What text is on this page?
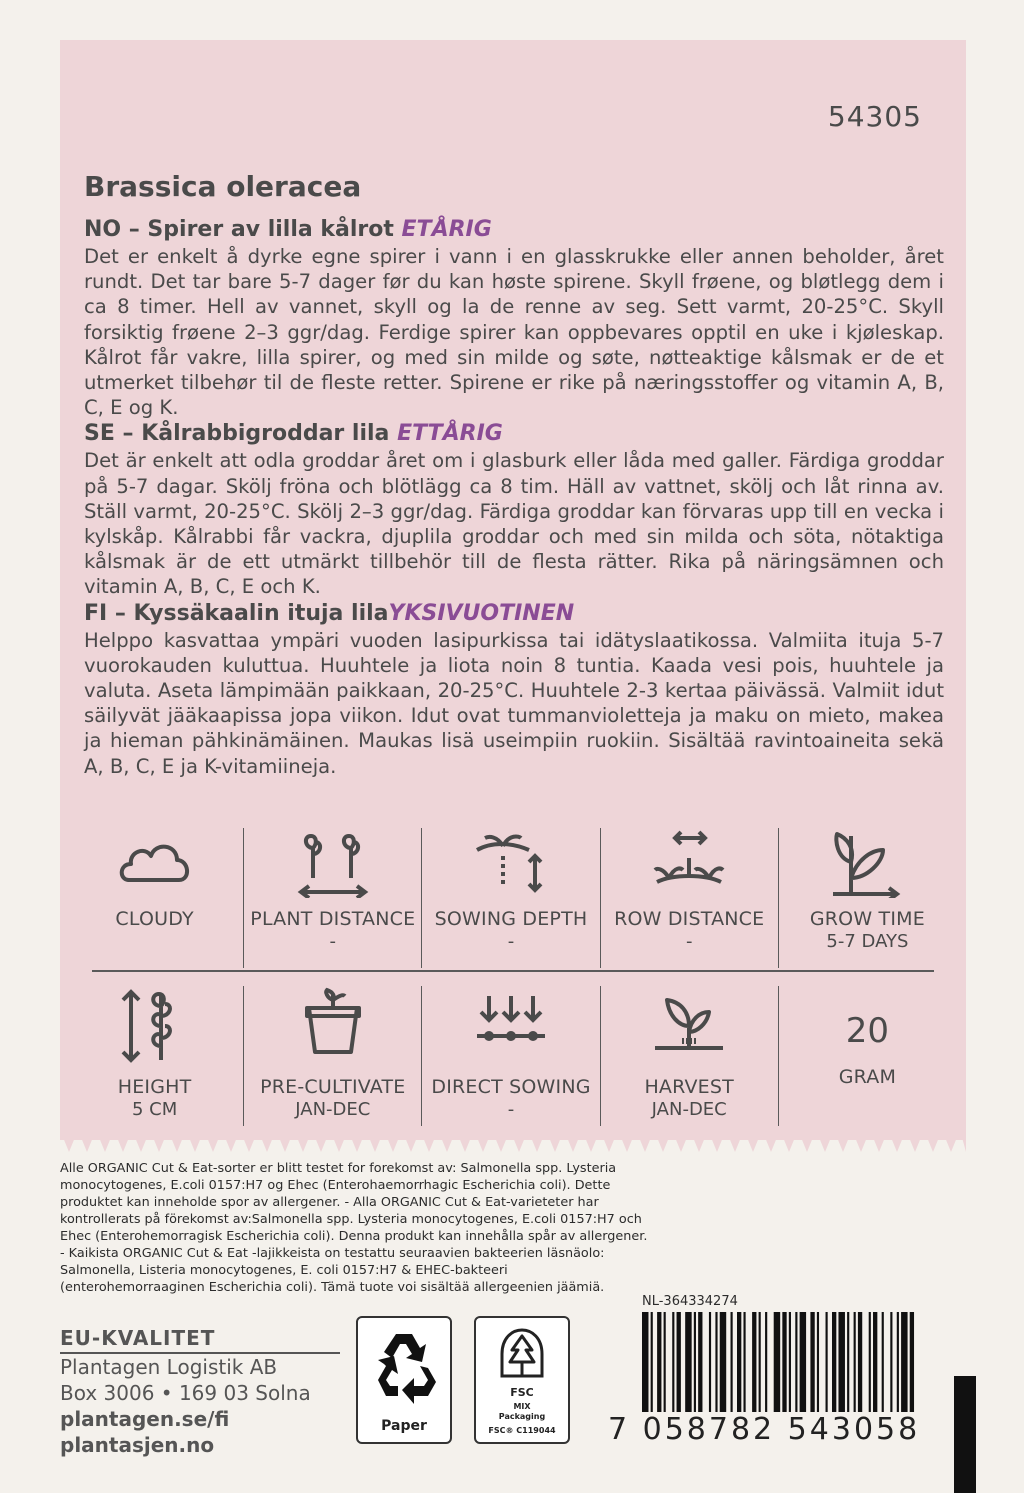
54305
Brassica oleracea
NO – Spirer av lilla kålrot ETÅRIG

Det er enkelt å dyrke egne spirer i vann i en glasskrukke eller annen beholder, året rundt. Det tar bare 5-7 dager før du kan høste spirene. Skyll frøene, og bløtlegg dem i ca 8 timer. Hell av vannet, skyll og la de renne av seg. Sett varmt, 20-25°C. Skyll forsiktig frøene 2–3 ggr/dag. Ferdige spirer kan oppbevares opptil en uke i kjøleskap. Kålrot får vakre, lilla spirer, og med sin milde og søte, nøtteaktige kålsmak er de et utmerket tilbehør til de fleste retter. Spirene er rike på næringsstoffer og vitamin A, B, C, E og K.

SE – Kålrabbigroddar lila ETTÅRIG

Det är enkelt att odla groddar året om i glasburk eller låda med galler. Färdiga groddar på 5-7 dagar. Skölj fröna och blötlägg ca 8 tim. Häll av vattnet, skölj och låt rinna av. Ställ varmt, 20-25°C. Skölj 2–3 ggr/dag. Färdiga groddar kan förvaras upp till en vecka i kylskåp. Kålrabbi får vackra, djuplila groddar och med sin milda och söta, nötaktiga kålsmak är de ett utmärkt tillbehör till de flesta rätter. Rika på näringsämnen och vitamin A, B, C, E och K.

FI – Kyssäkaalin ituja lilaYKSIVUOTINEN

Helppo kasvattaa ympäri vuoden lasipurkissa tai idätyslaatikossa. Valmiita ituja 5-7 vuorokauden kuluttua. Huuhtele ja liota noin 8 tuntia. Kaada vesi pois, huuhtele ja valuta. Aseta lämpimään paikkaan, 20-25°C. Huuhtele 2-3 kertaa päivässä. Valmiit idut säilyvät jääkaapissa jopa viikon. Idut ovat tummanvioletteja ja maku on mieto, makea ja hieman pähkinämäinen. Maukas lisä useimpiin ruokiin. Sisältää ravintoaineita sekä A, B, C, E ja K-vitamiineja.

CLOUDY	PLANT DISTANCE
-
SOWING DEPTH
-
ROW DISTANCE
-
GROW TIME
5-7 DAYS
HEIGHT
5 CM
PRE-CULTIVATE
JAN-DEC
DIRECT SOWING
-
HARVEST
JAN-DEC
20
GRAM
Alle ORGANIC Cut & Eat-sorter er blitt testet for forekomst av: Salmonella spp. Lysteria monocytogenes, E.coli 0157:H7 og Ehec (Enterohaemorrhagic Escherichia coli). Dette produktet kan inneholde spor av allergener. - Alla ORGANIC Cut & Eat-varieteter har kontrollerats på förekomst av:Salmonella spp. Lysteria monocytogenes, E.coli 0157:H7 och Ehec (Enterohemorragisk Escherichia coli). Denna produkt kan innehålla spår av allergener. - Kaikista ORGANIC Cut & Eat -lajikkeista on testattu seuraavien bakteerien läsnäolo: Salmonella, Listeria monocytogenes, E. coli 0157:H7 & EHEC-bakteeri (enterohemorraaginen Escherichia coli). Tämä tuote voi sisältää allergeenien jäämiä.
NL-364334274
EU-KVALITET
Plantagen Logistik AB
Box 3006 • 169 03 Solna
plantagen.se/fi
plantasjen.no
Paper
FSC
MIX
Packaging
FSC® C119044	7 058782 543058
